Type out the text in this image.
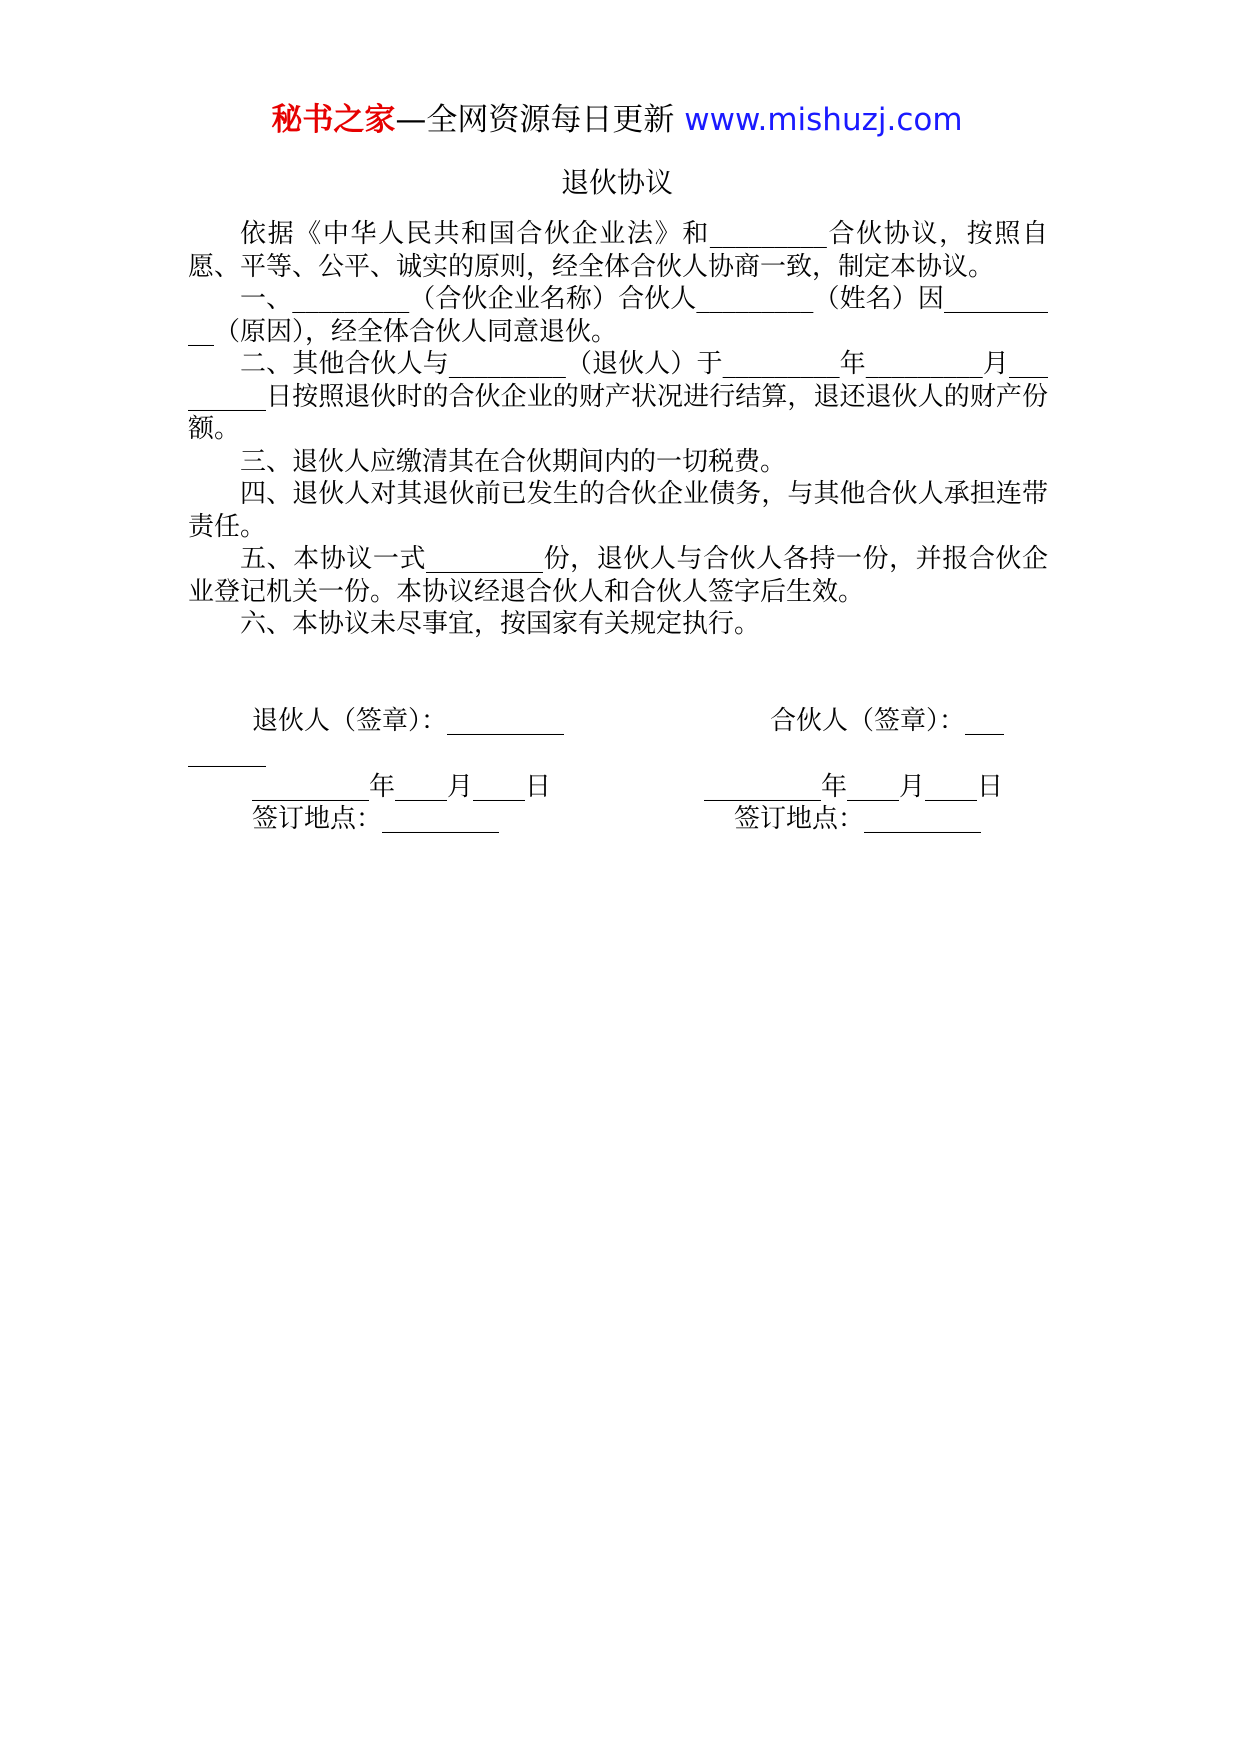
秘书之家—全网资源每日更新 www.mishuzj.com
退伙协议

依据《中华人民共和国合伙企业法》和_________合伙协议，按照自愿、平等、公平、诚实的原则，经全体合伙人协商一致，制定本协议。

一、_________（合伙企业名称）合伙人_________（姓名）因__________（原因），经全体合伙人同意退伙。

二、其他合伙人与_________（退伙人）于_________年_________月_________日按照退伙时的合伙企业的财产状况进行结算，退还退伙人的财产份额。

三、退伙人应缴清其在合伙期间内的一切税费。

四、退伙人对其退伙前已发生的合伙企业债务，与其他合伙人承担连带责任。

五、本协议一式_________份，退伙人与合伙人各持一份，并报合伙企业登记机关一份。本协议经退合伙人和合伙人签字后生效。

六、本协议未尽事宜，按国家有关规定执行。

退伙人（签章）：_________	合伙人（签章）：___
______
_________年____月____日	_________年____月____日
签订地点：_________	签订地点：_________
